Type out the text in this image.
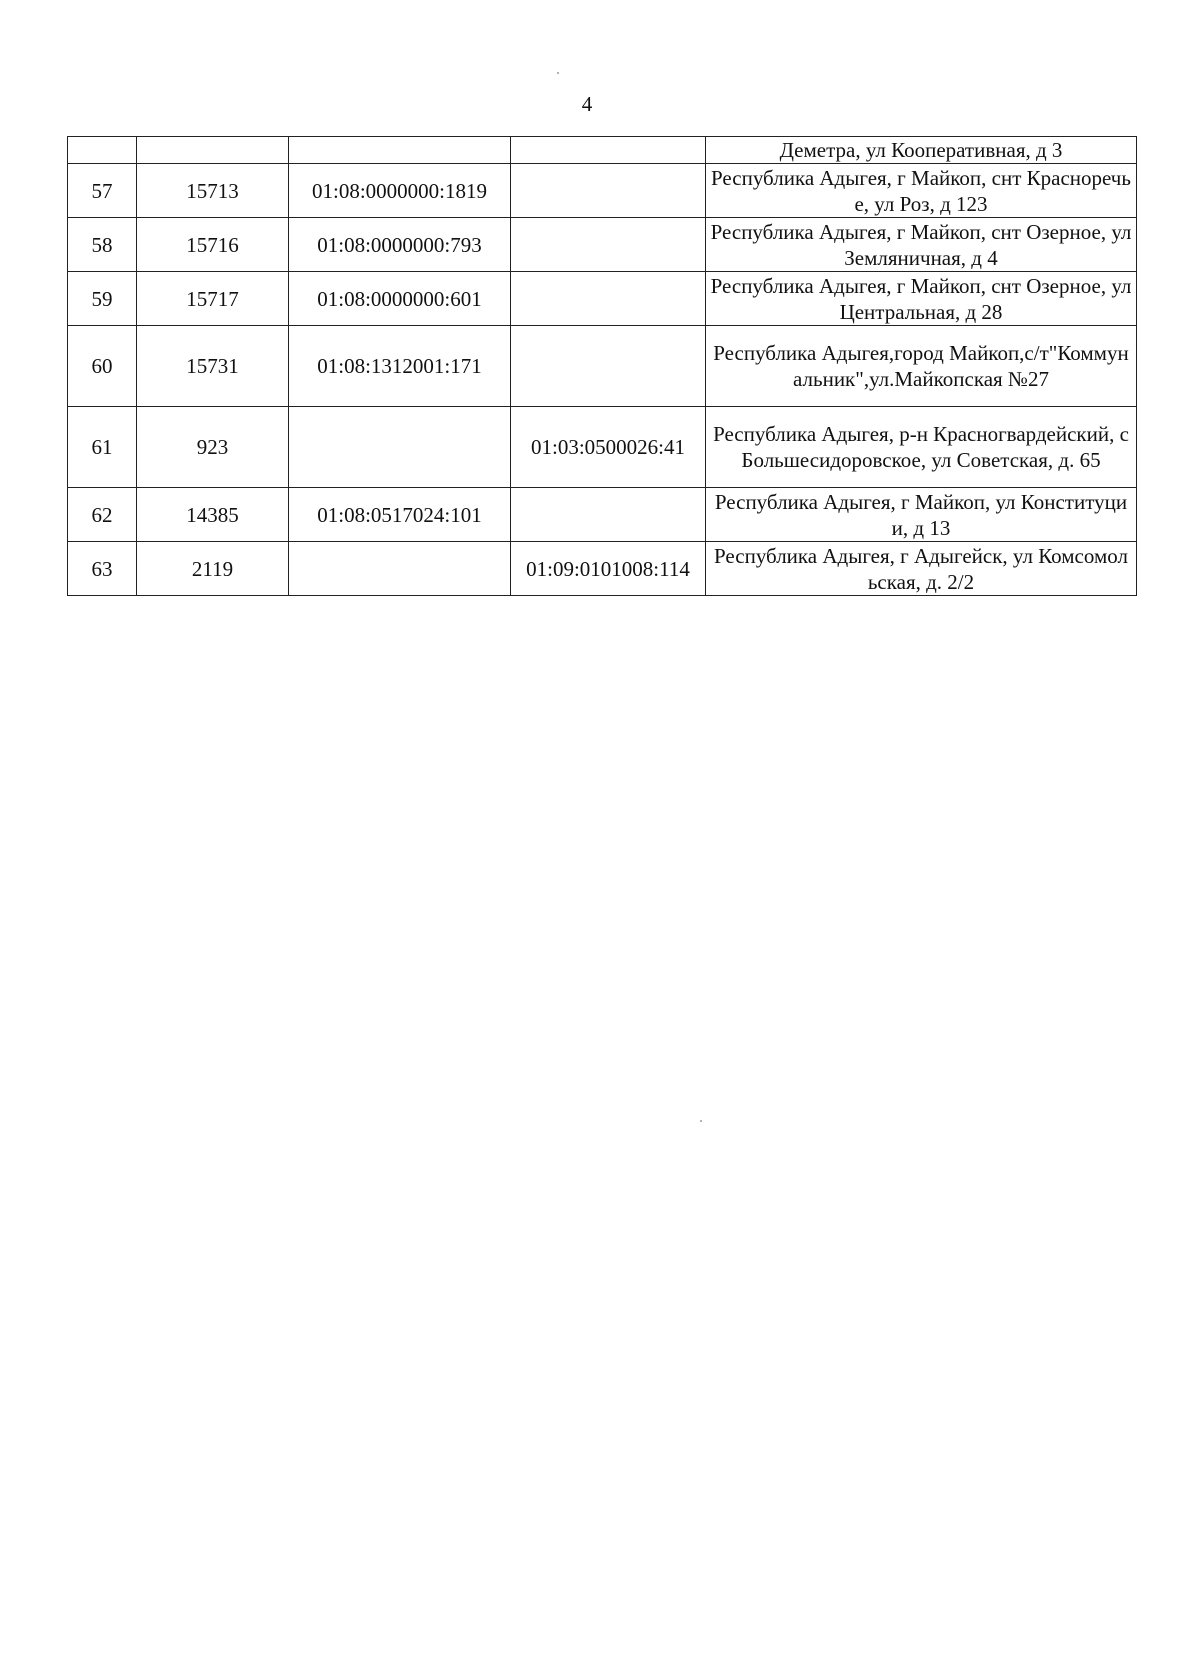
4
				Деметра, ул Кооперативная, д 3
57	15713	01:08:0000000:1819		Республика Адыгея, г Майкоп, снт Красноречье, ул Роз, д 123
58	15716	01:08:0000000:793		Республика Адыгея, г Майкоп, снт Озерное, ул Земляничная, д 4
59	15717	01:08:0000000:601		Республика Адыгея, г Майкоп, снт Озерное, ул Центральная, д 28
60	15731	01:08:1312001:171		Республика Адыгея,город Майкоп,с/т"Коммунальник",ул.Майкопская №27
61	923		01:03:0500026:41	Республика Адыгея, р-н Красногвардейский, с Большесидоровское, ул Советская, д. 65
62	14385	01:08:0517024:101		Республика Адыгея, г Майкоп, ул Конституции, д 13
63	2119		01:09:0101008:114	Республика Адыгея, г Адыгейск, ул Комсомольская, д. 2/2
